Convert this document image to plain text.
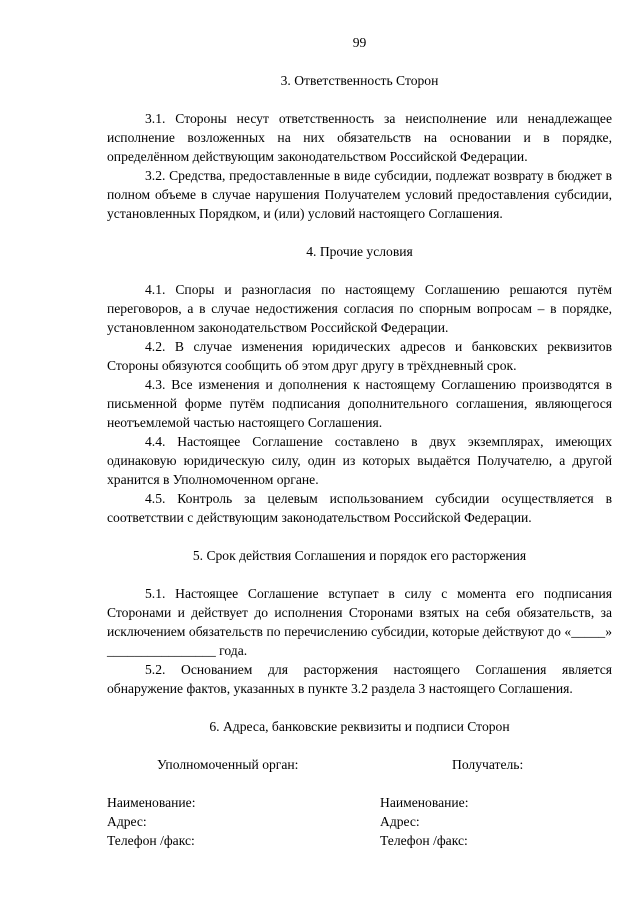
99
3. Ответственность Сторон

3.1. Стороны несут ответственность за неисполнение или ненадлежащее исполнение возложенных на них обязательств на основании и в порядке, определённом действующим законодательством Российской Федерации.

3.2. Средства, предоставленные в виде субсидии, подлежат возврату в бюджет в полном объеме в случае нарушения Получателем условий предоставления субсидии, установленных Порядком, и (или) условий настоящего Соглашения.

4. Прочие условия

4.1. Споры и разногласия по настоящему Соглашению решаются путём переговоров, а в случае недостижения согласия по спорным вопросам – в порядке, установленном законодательством Российской Федерации.

4.2. В случае изменения юридических адресов и банковских реквизитов Стороны обязуются сообщить об этом друг другу в трёхдневный срок.

4.3. Все изменения и дополнения к настоящему Соглашению производятся в письменной форме путём подписания дополнительного соглашения, являющегося неотъемлемой частью настоящего Соглашения.

4.4. Настоящее Соглашение составлено в двух экземплярах, имеющих одинаковую юридическую силу, один из которых выдаётся Получателю, а другой хранится в Уполномоченном органе.

4.5. Контроль за целевым использованием субсидии осуществляется в соответствии с действующим законодательством Российской Федерации.

5. Срок действия Соглашения и порядок его расторжения

5.1. Настоящее Соглашение вступает в силу с момента его подписания Сторонами и действует до исполнения Сторонами взятых на себя обязательств, за исключением обязательств по перечислению субсидии, которые действуют до «_____» ________________ года.

5.2. Основанием для расторжения настоящего Соглашения является обнаружение фактов, указанных в пункте 3.2 раздела 3 настоящего Соглашения.

6. Адреса, банковские реквизиты и подписи Сторон
Уполномоченный орган:	Получатель:
Наименование:
Адрес:
Телефон /факс:
Наименование:
Адрес:
Телефон /факс:
